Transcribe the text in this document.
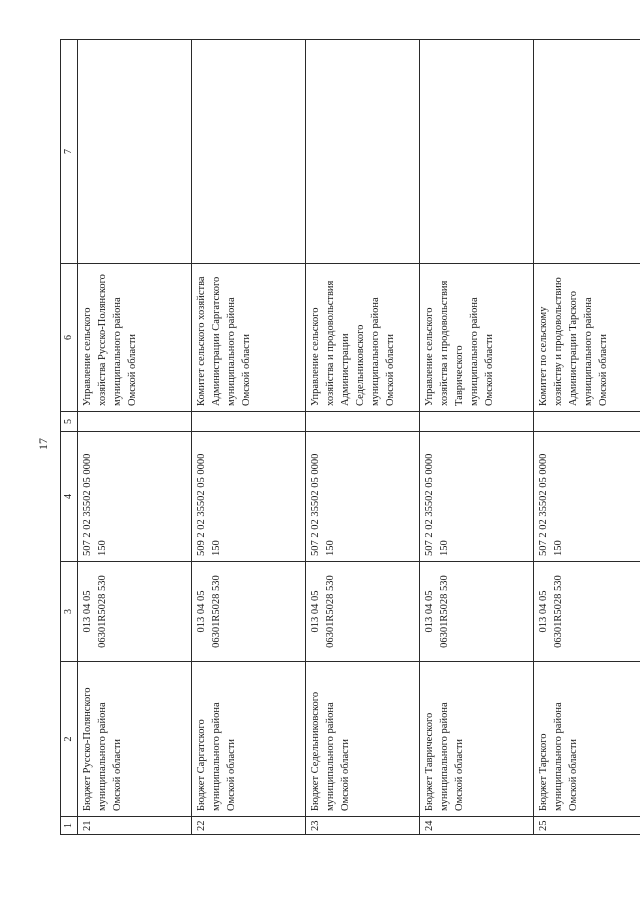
17
1	2	3	4	5	6	7
21	Бюджет Русско-Полянского муниципального района Омской области	013 04 05 06301R5028 530	507 2 02 35502 05 0000 150		Управление сельского хозяйства Русско-Полянского муниципального района Омской области	
22	Бюджет Саргатского муниципального района Омской области	013 04 05 06301R5028 530	509 2 02 35502 05 0000 150		Комитет сельского хозяйства Администрации Саргатского муниципального района Омской области	
23	Бюджет Седельниковского муниципального района Омской области	013 04 05 06301R5028 530	507 2 02 35502 05 0000 150		Управление сельского хозяйства и продовольствия Администрации Седельниковского муниципального района Омской области	
24	Бюджет Таврического муниципального района Омской области	013 04 05 06301R5028 530	507 2 02 35502 05 0000 150		Управление сельского хозяйства и продовольствия Таврического муниципального района Омской области	
25	Бюджет Тарского муниципального района Омской области	013 04 05 06301R5028 530	507 2 02 35502 05 0000 150		Комитет по сельскому хозяйству и продовольствию Администрации Тарского муниципального района Омской области	
